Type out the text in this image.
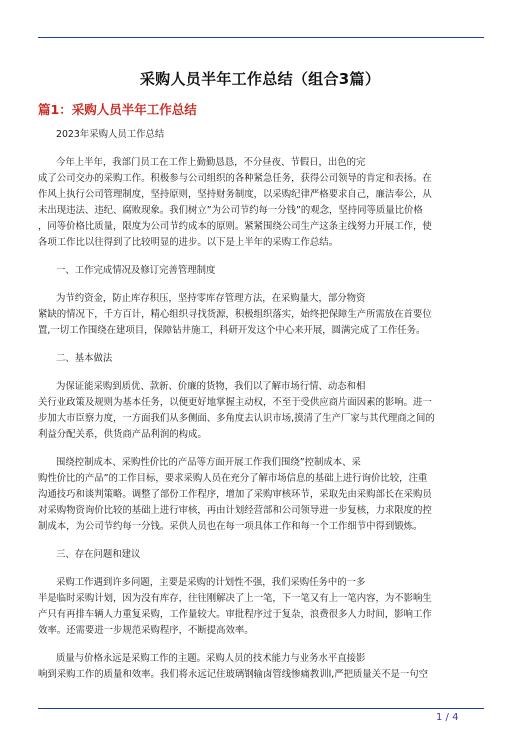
采购人员半年工作总结（组合3篇）
篇1：采购人员半年工作总结
2023年采购人员工作总结
今年上半年，我部门员工在工作上勤勤恳恳，不分昼夜、节假日，出色的完
成了公司交办的采购工作。积极参与公司组织的各种紧急任务，获得公司领导的肯定和表扬。在
作风上执行公司管理制度，坚持原则，坚持财务制度，以采购纪律严格要求自己，廉洁奉公，从
未出现违法、违纪、腐败现象。我们树立”为公司节约每一分钱”的观念，坚持同等质量比价格
，同等价格比质量，限度为公司节约成本的原则。紧紧围绕公司生产这条主线努力开展工作，使
各项工作比以往得到了比较明显的进步。以下是上半年的采购工作总结。
一、工作完成情况及修订完善管理制度
为节约资金，防止库存积压，坚持零库存管理方法，在采购量大，部分物资
紧缺的情况下，千方百计，精心组织寻找货源，积极组织落实，始终把保障生产所需放在首要位
置,一切工作围绕在建项目，保障钻井施工，科研开发这个中心来开展，圆满完成了工作任务。
二、基本做法
为保证能采购到质优、款新、价廉的货物，我们以了解市场行情、动态和相
关行业政策及规则为基本任务，以便更好地掌握主动权，不至于受供应商片面因素的影响。进一
步加大市臣察力度，一方面我们从多侧面、多角度去认识市场,摸清了生产厂家与其代理商之间的
利益分配关系，供货商产品利润的构成。
围绕控制成本、采购性价比的产品等方面开展工作我们围绕”控制成本、采
购性价比的产品”的工作目标，要求采购人员在充分了解市场信息的基础上进行询价比较，注重
沟通技巧和谈判策略。调整了部份工作程序，增加了采购审核环节，采取先由采购部长在采购员
对采购物资询价比较的基础上进行审核，再由计划经营部和公司领导进一步复核，力求限度的控
制成本，为公司节约每一分钱。采供人员也在每一项具体工作和每一个工作细节中得到锻炼。
三、存在问题和建议
采购工作遇到许多问题，主要是采购的计划性不强，我们采购任务中的一多
半是临时采购计划，因为没有库存，往往刚解决了上一笔，下一笔又有上一笔内容，为不影响生
产只有再排车辆人力重复采购，工作量较大。审批程序过于复杂，浪费很多人力时间，影响工作
效率。还需要进一步规范采购程序，不断提高效率。
质量与价格永远是采购工作的主题。采购人员的技术能力与业务水平直接影
响到采购工作的质量和效率。我们将永远记住玻璃钢输卤管线惨痛教训l,严把质量关不是一句空
1 / 4
